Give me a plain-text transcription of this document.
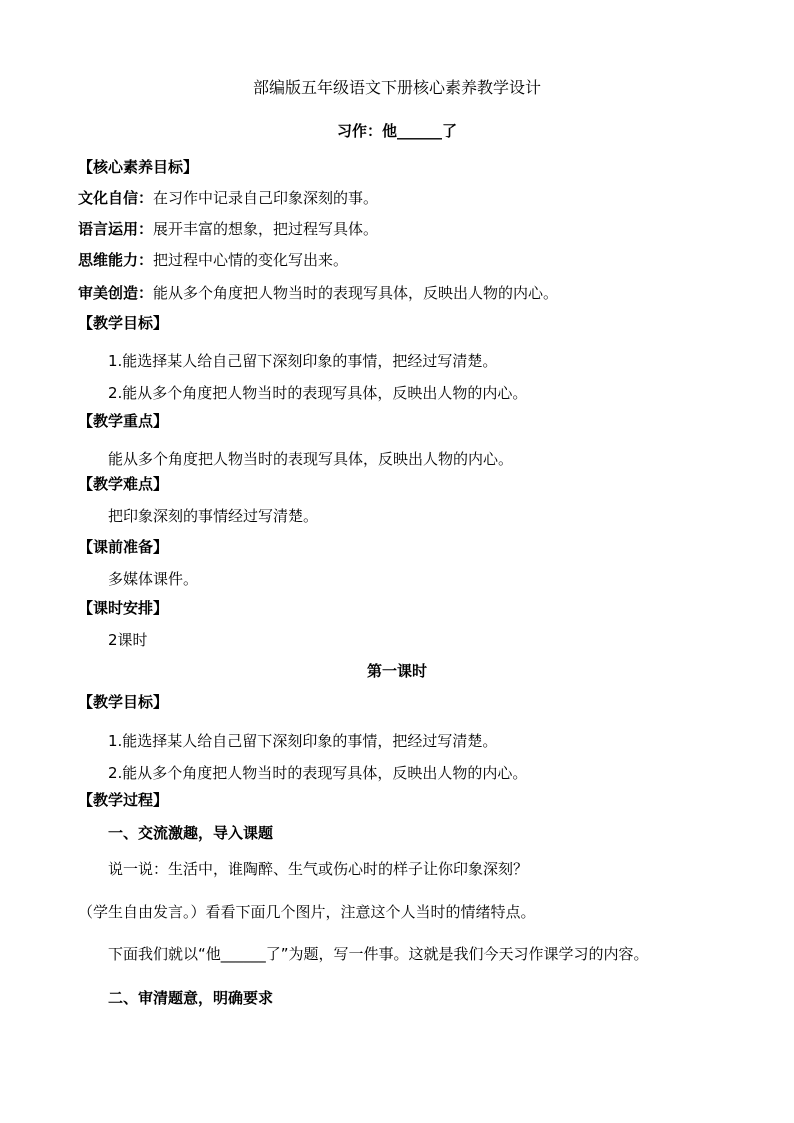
部编版五年级语文下册核心素养教学设计
习作：他______了
【核心素养目标】
文化自信：在习作中记录自己印象深刻的事。
语言运用：展开丰富的想象，把过程写具体。
思维能力：把过程中心情的变化写出来。
审美创造：能从多个角度把人物当时的表现写具体，反映出人物的内心。
【教学目标】
1.能选择某人给自己留下深刻印象的事情，把经过写清楚。
2.能从多个角度把人物当时的表现写具体，反映出人物的内心。
【教学重点】
能从多个角度把人物当时的表现写具体，反映出人物的内心。
【教学难点】
把印象深刻的事情经过写清楚。
【课前准备】
多媒体课件。
【课时安排】
2课时
第一课时
【教学目标】
1.能选择某人给自己留下深刻印象的事情，把经过写清楚。
2.能从多个角度把人物当时的表现写具体，反映出人物的内心。
【教学过程】
一、交流激趣，导入课题
说一说：生活中，谁陶醉、生气或伤心时的样子让你印象深刻？
（学生自由发言。）看看下面几个图片，注意这个人当时的情绪特点。
下面我们就以“他______了”为题，写一件事。这就是我们今天习作课学习的内容。
二、审清题意，明确要求
